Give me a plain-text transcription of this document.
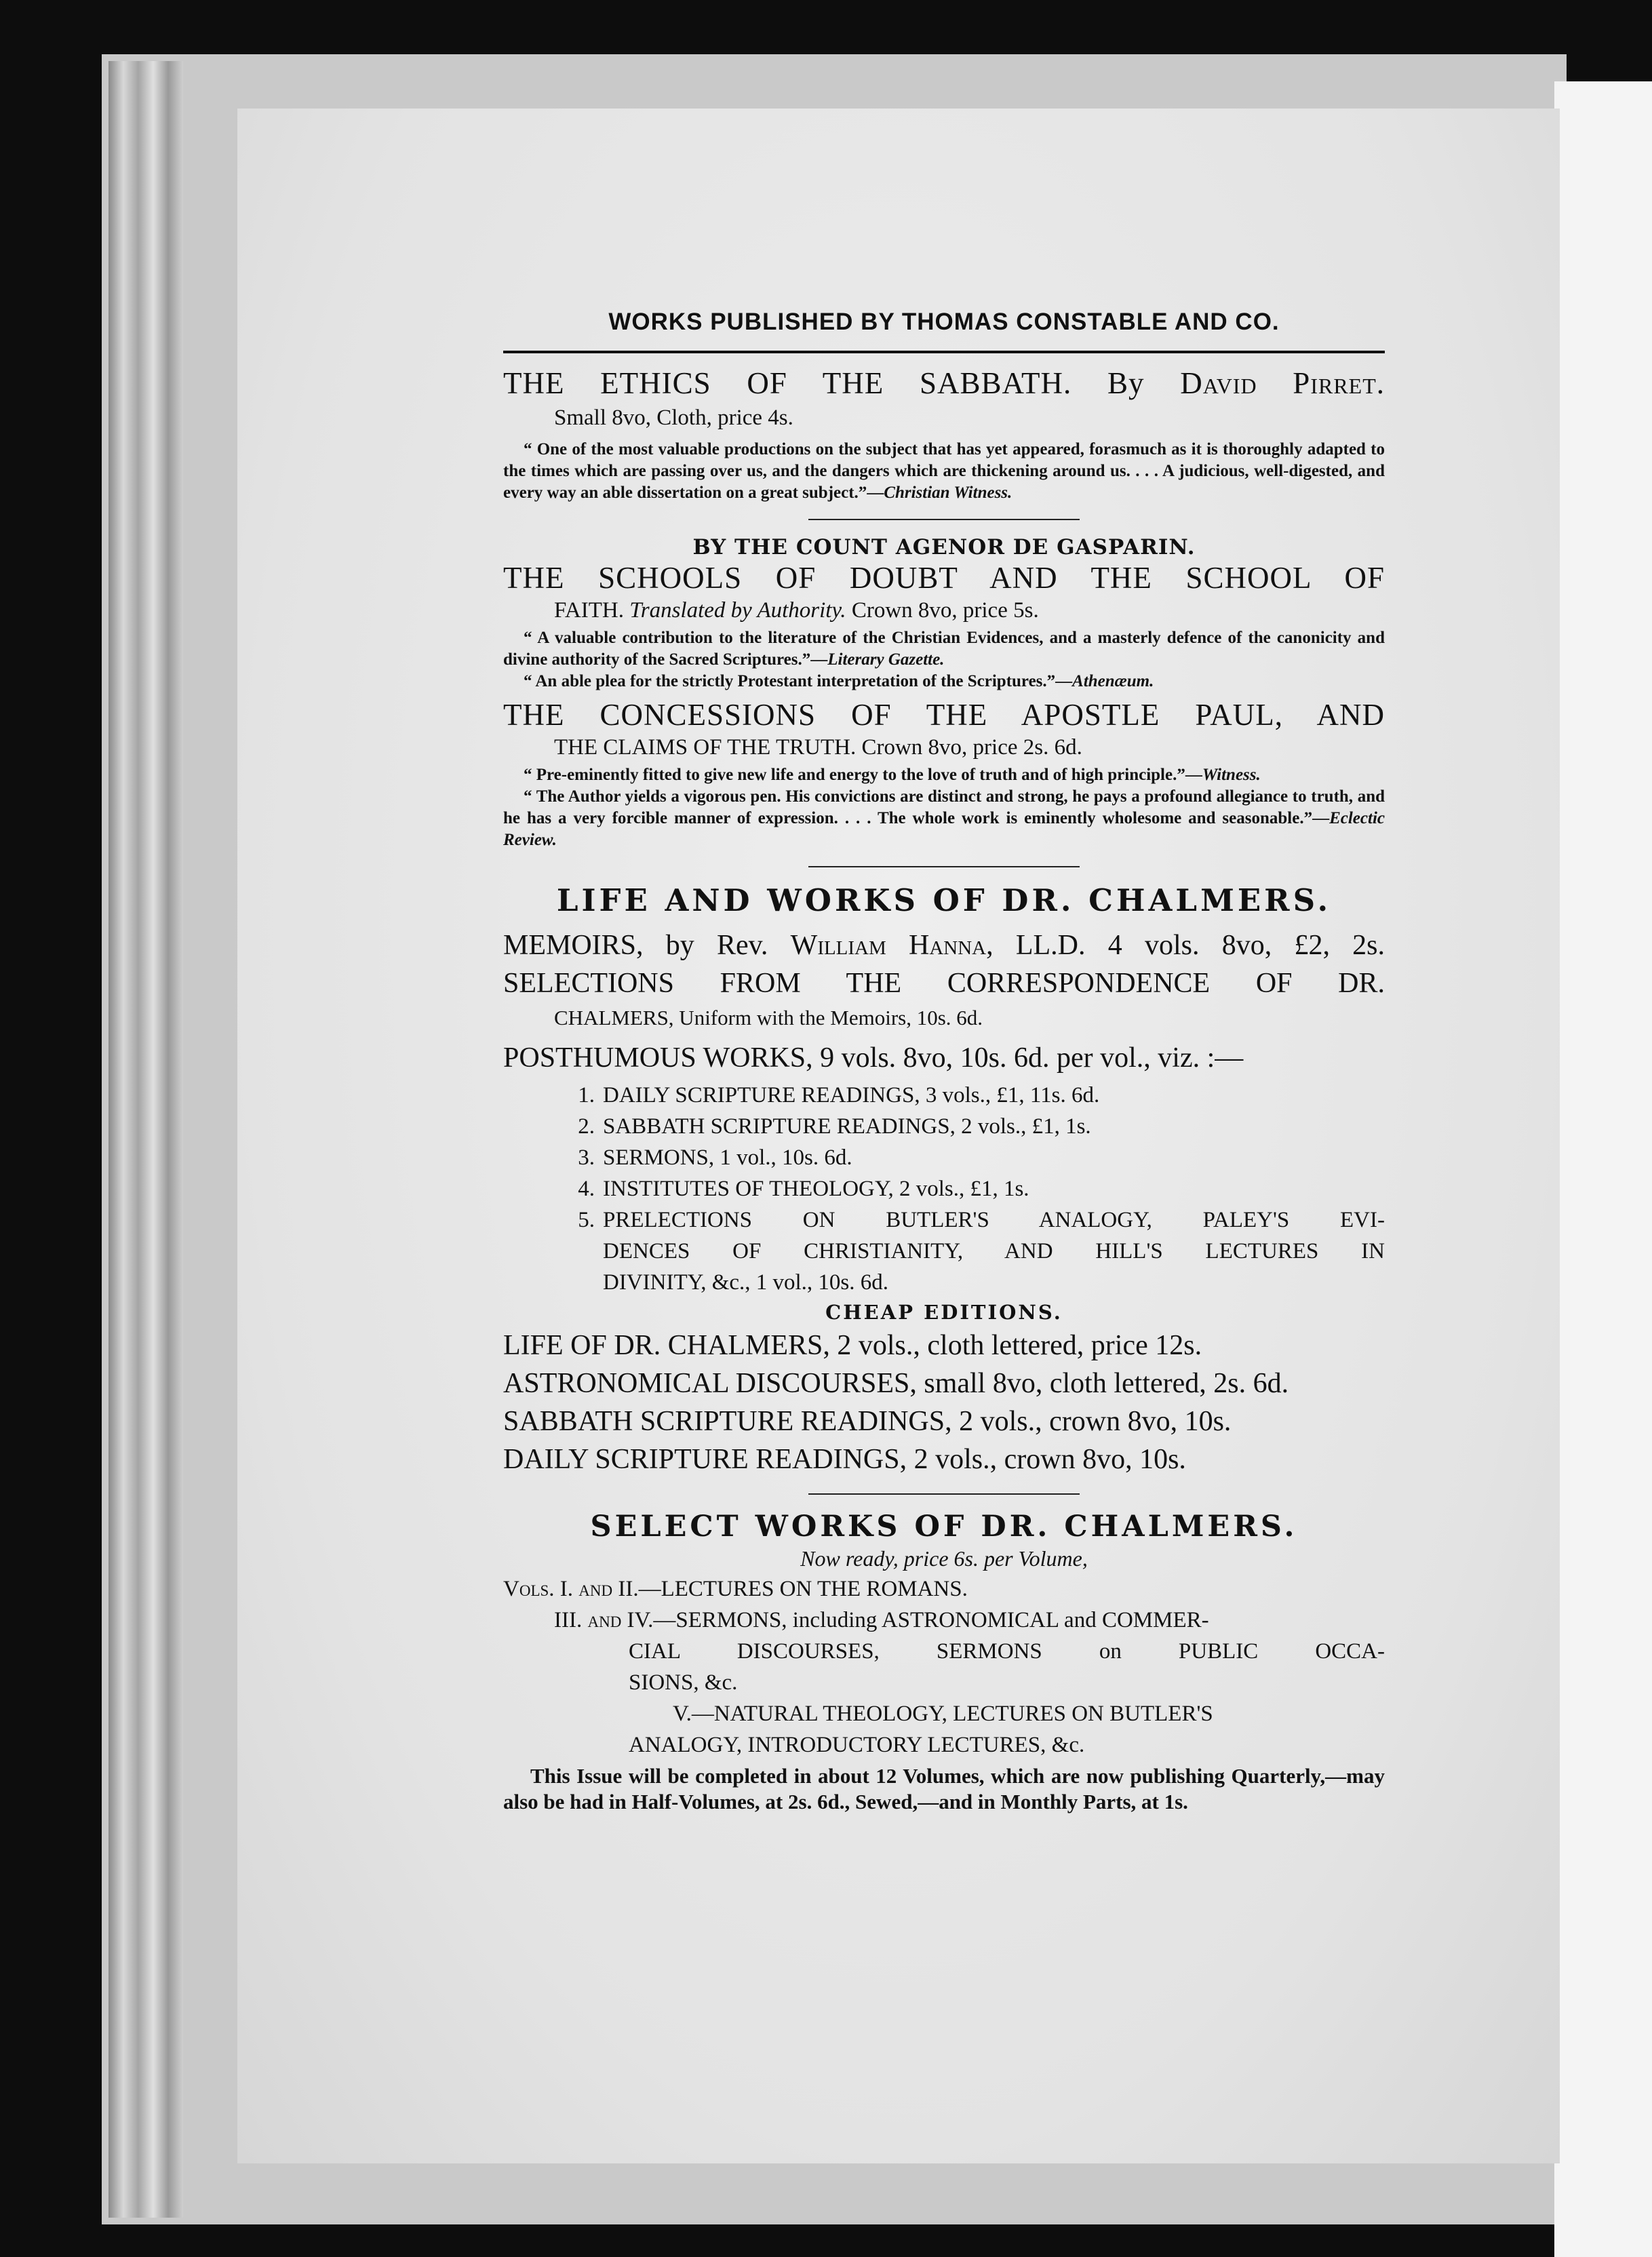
WORKS PUBLISHED BY THOMAS CONSTABLE AND CO.
THE ETHICS OF THE SABBATH. By David Pirret.
Small 8vo, Cloth, price 4s.
“ One of the most valuable productions on the subject that has yet appeared, forasmuch as it is thoroughly adapted to the times which are passing over us, and the dangers which are thickening around us. . . . A judicious, well-digested, and every way an able dissertation on a great subject.”—Christian Witness.
BY THE COUNT AGENOR DE GASPARIN.
THE SCHOOLS OF DOUBT AND THE SCHOOL OF
FAITH. Translated by Authority. Crown 8vo, price 5s.
“ A valuable contribution to the literature of the Christian Evidences, and a masterly defence of the canonicity and divine authority of the Sacred Scriptures.”—Literary Gazette.
“ An able plea for the strictly Protestant interpretation of the Scriptures.”—Athenæum.
THE CONCESSIONS OF THE APOSTLE PAUL, AND
THE CLAIMS OF THE TRUTH. Crown 8vo, price 2s. 6d.
“ Pre-eminently fitted to give new life and energy to the love of truth and of high principle.”—Witness.
“ The Author yields a vigorous pen. His convictions are distinct and strong, he pays a profound allegiance to truth, and he has a very forcible manner of expression. . . . The whole work is eminently wholesome and seasonable.”—Eclectic Review.
LIFE AND WORKS OF DR. CHALMERS.
MEMOIRS, by Rev. William Hanna, LL.D. 4 vols. 8vo, £2, 2s.
SELECTIONS FROM THE CORRESPONDENCE OF DR.
CHALMERS, Uniform with the Memoirs, 10s. 6d.
POSTHUMOUS WORKS, 9 vols. 8vo, 10s. 6d. per vol., viz. :—
1. DAILY SCRIPTURE READINGS, 3 vols., £1, 11s. 6d.
2. SABBATH SCRIPTURE READINGS, 2 vols., £1, 1s.
3. SERMONS, 1 vol., 10s. 6d.
4. INSTITUTES OF THEOLOGY, 2 vols., £1, 1s.
5. PRELECTIONS ON BUTLER'S ANALOGY, PALEY'S EVI-
DENCES OF CHRISTIANITY, AND HILL'S LECTURES IN
DIVINITY, &c., 1 vol., 10s. 6d.
CHEAP EDITIONS.
LIFE OF DR. CHALMERS, 2 vols., cloth lettered, price 12s.
ASTRONOMICAL DISCOURSES, small 8vo, cloth lettered, 2s. 6d.
SABBATH SCRIPTURE READINGS, 2 vols., crown 8vo, 10s.
DAILY SCRIPTURE READINGS, 2 vols., crown 8vo, 10s.
SELECT WORKS OF DR. CHALMERS.
Now ready, price 6s. per Volume,
Vols. I. and II.—LECTURES ON THE ROMANS.
III. and IV.—SERMONS, including ASTRONOMICAL and COMMER-
CIAL DISCOURSES, SERMONS on PUBLIC OCCA-
SIONS, &c.
V.—NATURAL THEOLOGY, LECTURES ON BUTLER'S
ANALOGY, INTRODUCTORY LECTURES, &c.
This Issue will be completed in about 12 Volumes, which are now publishing Quarterly,—may also be had in Half-Volumes, at 2s. 6d., Sewed,—and in Monthly Parts, at 1s.
